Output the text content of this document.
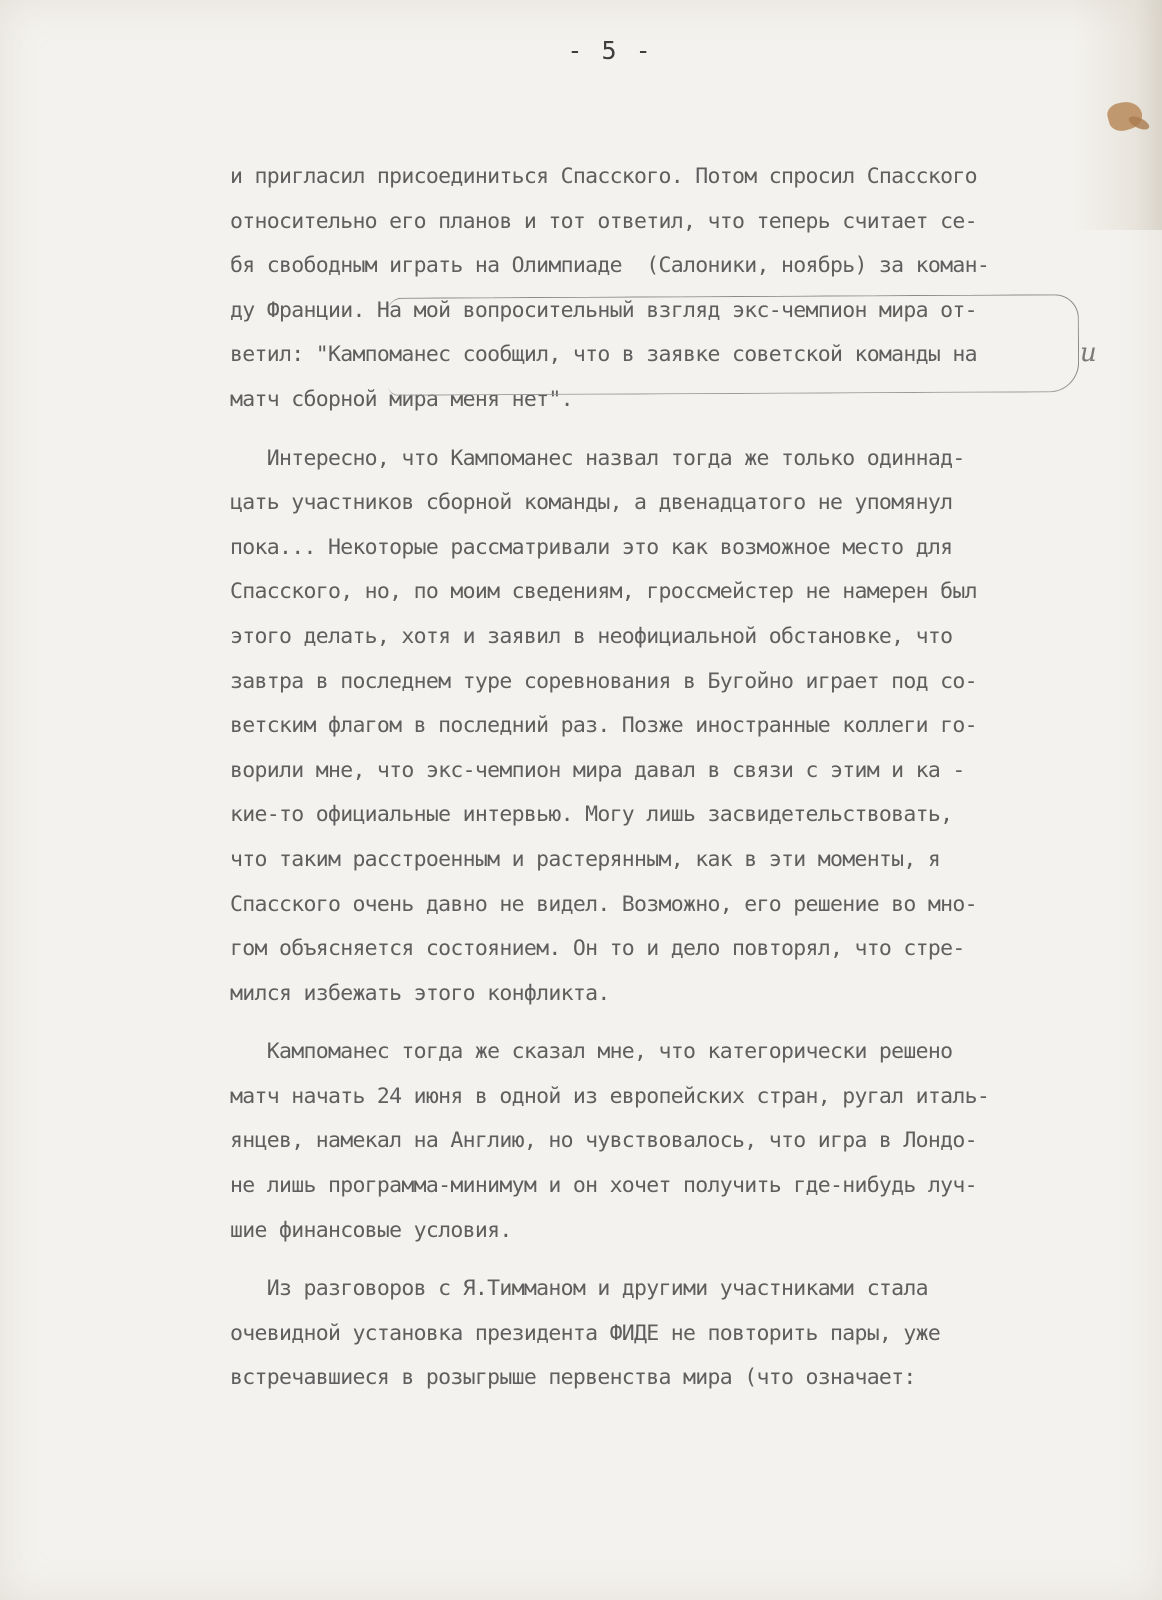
- 5 -
и пригласил присоединиться Спасского. Потом спросил Спасского
относительно его планов и тот ответил, что теперь считает се-
бя свободным играть на Олимпиаде  (Салоники, ноябрь) за коман-
ду Франции. На мой вопросительный взгляд экс-чемпион мира от-
ветил: "Кампоманес сообщил, что в заявке советской команды на
матч сборной мира меня нет".
Интересно, что Кампоманес назвал тогда же только одиннад-
цать участников сборной команды, а двенадцатого не упомянул
пока... Некоторые рассматривали это как возможное место для
Спасского, но, по моим сведениям, гроссмейстер не намерен был
этого делать, хотя и заявил в неофициальной обстановке, что
завтра в последнем туре соревнования в Бугойно играет под со-
ветским флагом в последний раз. Позже иностранные коллеги го-
ворили мне, что экс-чемпион мира давал в связи с этим и ка -
кие-то официальные интервью. Могу лишь засвидетельствовать,
что таким расстроенным и растерянным, как в эти моменты, я
Спасского очень давно не видел. Возможно, его решение во мно-
гом объясняется состоянием. Он то и дело повторял, что стре-
мился избежать этого конфликта.
Кампоманес тогда же сказал мне, что категорически решено
матч начать 24 июня в одной из европейских стран, ругал италь-
янцев, намекал на Англию, но чувствовалось, что игра в Лондо-
не лишь программа-минимум и он хочет получить где-нибудь луч-
шие финансовые условия.
Из разговоров с Я.Тимманом и другими участниками стала
очевидной установка президента ФИДЕ не повторить пары, уже
встречавшиеся в розыгрыше первенства мира (что означает:
и
